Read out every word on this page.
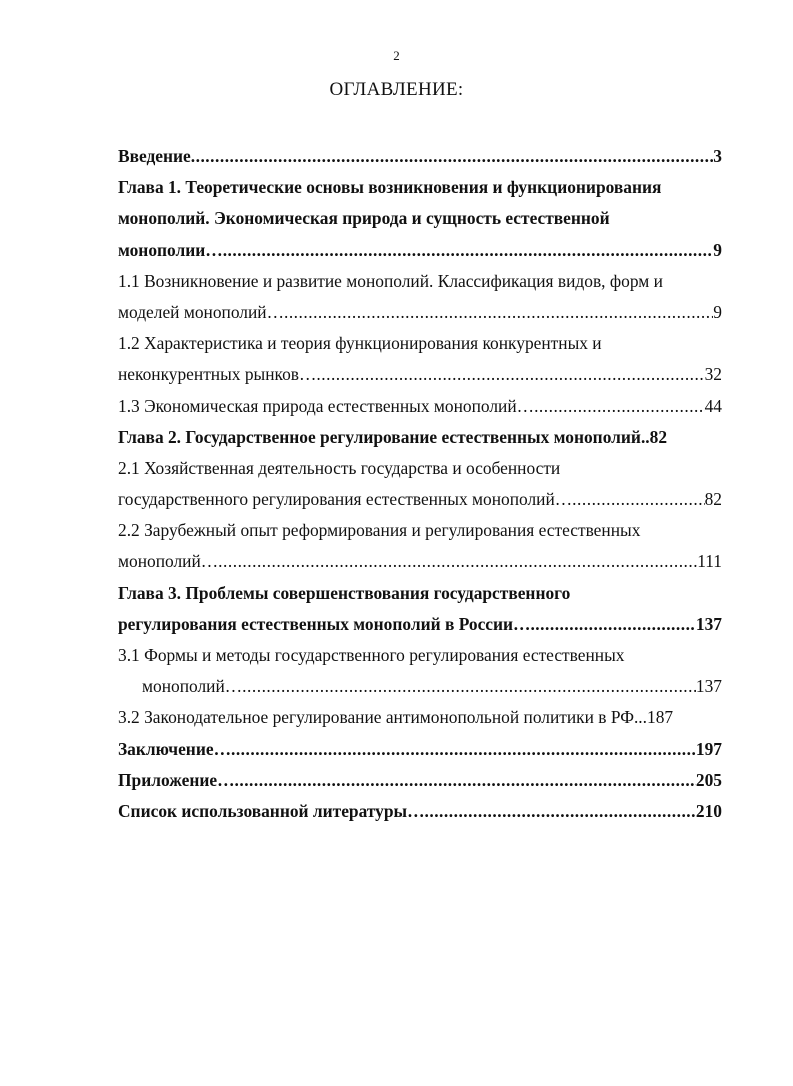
2
ОГЛАВЛЕНИЕ:
Введение .....	3
Глава 1. Теоретические основы возникновения и функционирования
монополий. Экономическая природа и сущность естественной
монополии… .....	9
1.1 Возникновение и развитие монополий. Классификация видов, форм и
моделей монополий… .....	9
1.2 Характеристика и теория функционирования конкурентных и
неконкурентных рынков… .....	32
1.3 Экономическая природа естественных монополий… .....	44
Глава 2. Государственное регулирование естественных монополий.. 82
2.1 Хозяйственная деятельность государства и особенности
государственного регулирования естественных монополий… .....	82
2.2 Зарубежный опыт реформирования и регулирования естественных
монополий… .....	111
Глава 3. Проблемы совершенствования государственного
регулирования естественных монополий в России… .....	137
3.1 Формы и методы государственного регулирования естественных
монополий… .....	137
3.2 Законодательное регулирование антимонопольной политики в РФ... 187
Заключение… .....	197
Приложение… .....	205
Список использованной литературы… .....	210
